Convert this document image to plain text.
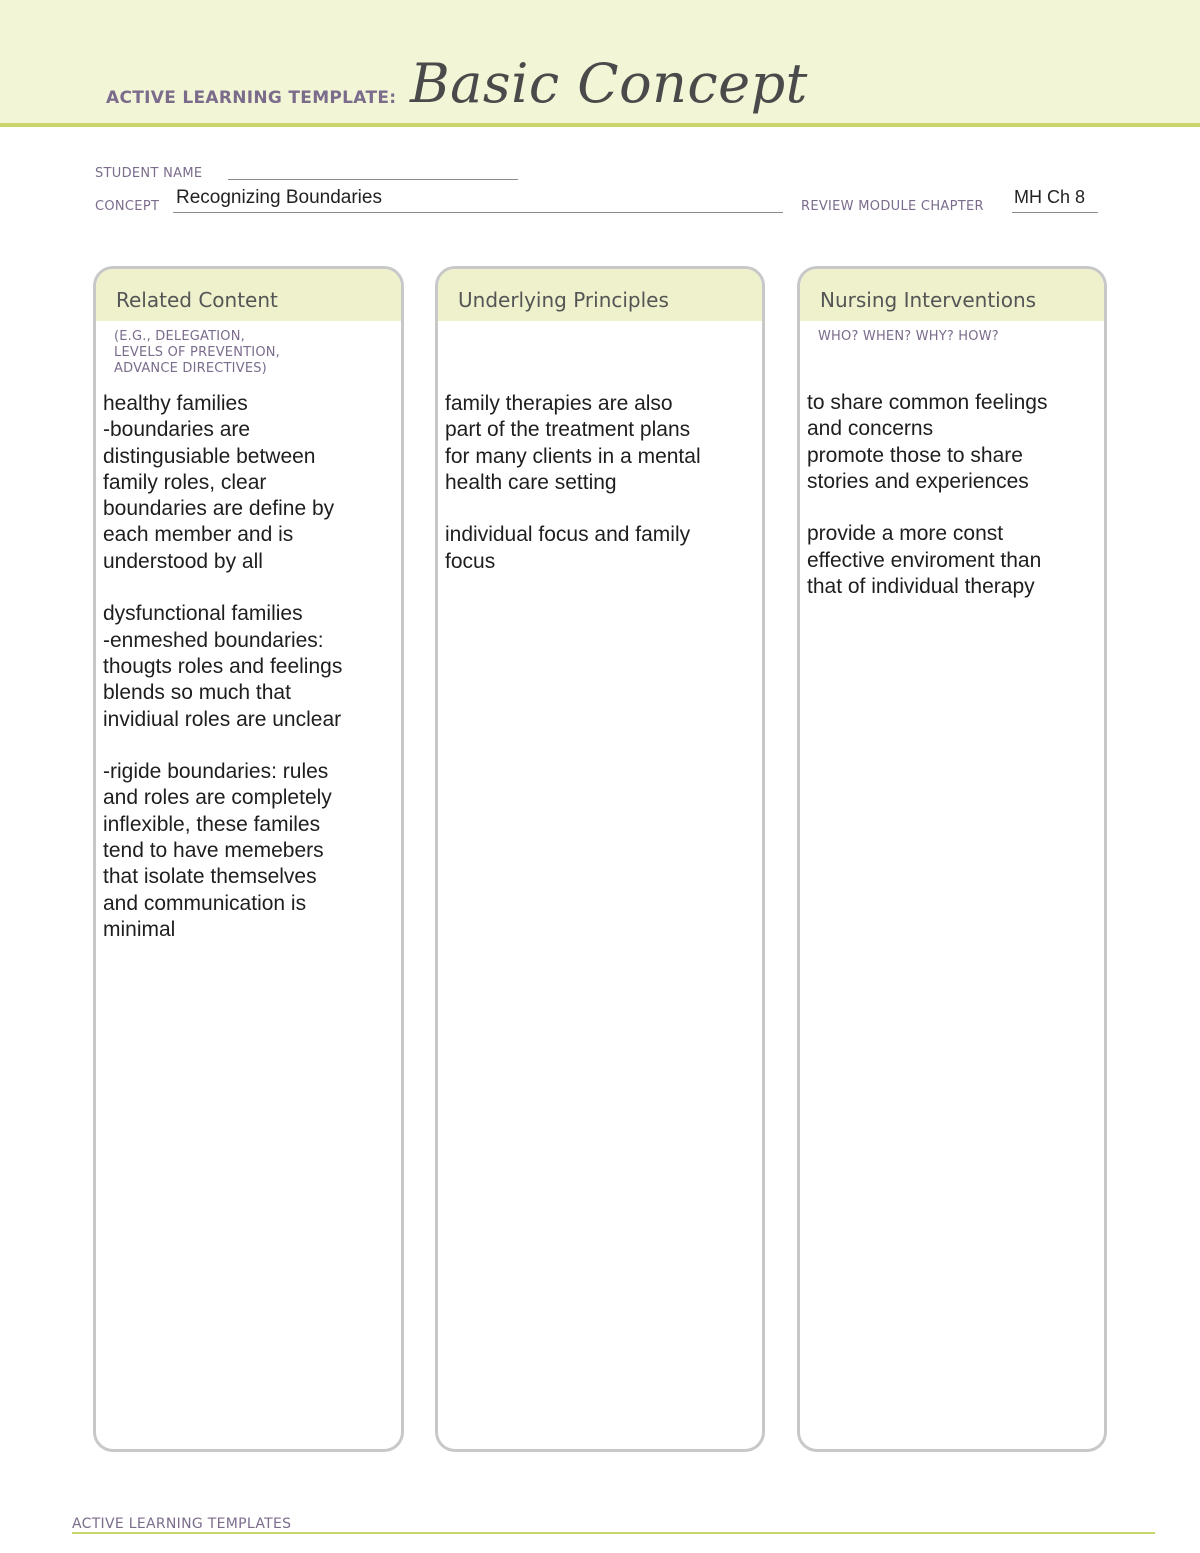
ACTIVE LEARNING TEMPLATE: Basic Concept
STUDENT NAME
CONCEPT Recognizing Boundaries	REVIEW MODULE CHAPTER MH Ch 8
Related Content
(E.G., DELEGATION,
LEVELS OF PREVENTION,
ADVANCE DIRECTIVES)
healthy families
-boundaries are
distingusiable between
family roles, clear
boundaries are define by
each member and is
understood by all

dysfunctional families
-enmeshed boundaries:
thougts roles and feelings
blends so much that
invidiual roles are unclear

-rigide boundaries: rules
and roles are completely
inflexible, these familes
tend to have memebers
that isolate themselves
and communication is
minimal
Underlying Principles
family therapies are also
part of the treatment plans
for many clients in a mental
health care setting

individual focus and family
focus
Nursing Interventions
WHO? WHEN? WHY? HOW?
to share common feelings
and concerns
promote those to share
stories and experiences

provide a more const
effective enviroment than
that of individual therapy
ACTIVE LEARNING TEMPLATES
